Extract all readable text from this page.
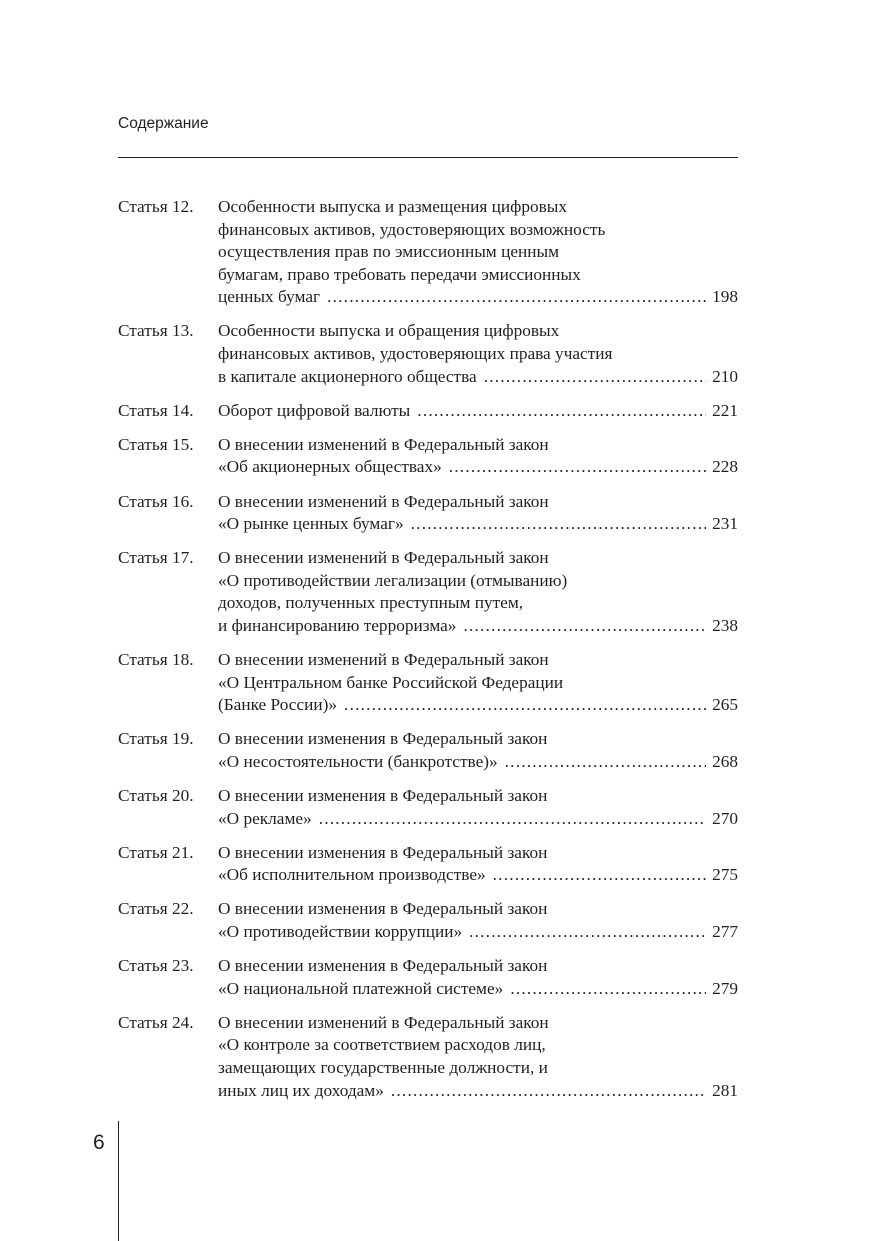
Содержание
Статья 12.	Особенности выпуска и размещения цифровых
финансовых активов, удостоверяющих возможность
осуществления прав по эмиссионным ценным
бумагам, право требовать передачи эмиссионных
ценных бумаг .....	198
Статья 13.	Особенности выпуска и обращения цифровых
финансовых активов, удостоверяющих права участия
в капитале акционерного общества .....	210
Статья 14.	Оборот цифровой валюты .....	221
Статья 15.	О внесении изменений в Федеральный закон
«Об акционерных обществах» .....	228
Статья 16.	О внесении изменений в Федеральный закон
«О рынке ценных бумаг» .....	231
Статья 17.	О внесении изменений в Федеральный закон
«О противодействии легализации (отмыванию)
доходов, полученных преступным путем,
и финансированию терроризма» .....	238
Статья 18.	О внесении изменений в Федеральный закон
«О Центральном банке Российской Федерации
(Банке России)» .....	265
Статья 19.	О внесении изменения в Федеральный закон
«О несостоятельности (банкротстве)» .....	268
Статья 20.	О внесении изменения в Федеральный закон
«О рекламе» .....	270
Статья 21.	О внесении изменения в Федеральный закон
«Об исполнительном производстве» .....	275
Статья 22.	О внесении изменения в Федеральный закон
«О противодействии коррупции» .....	277
Статья 23.	О внесении изменения в Федеральный закон
«О национальной платежной системе» .....	279
Статья 24.	О внесении изменений в Федеральный закон
«О контроле за соответствием расходов лиц,
замещающих государственные должности, и
иных лиц их доходам» .....	281
6
